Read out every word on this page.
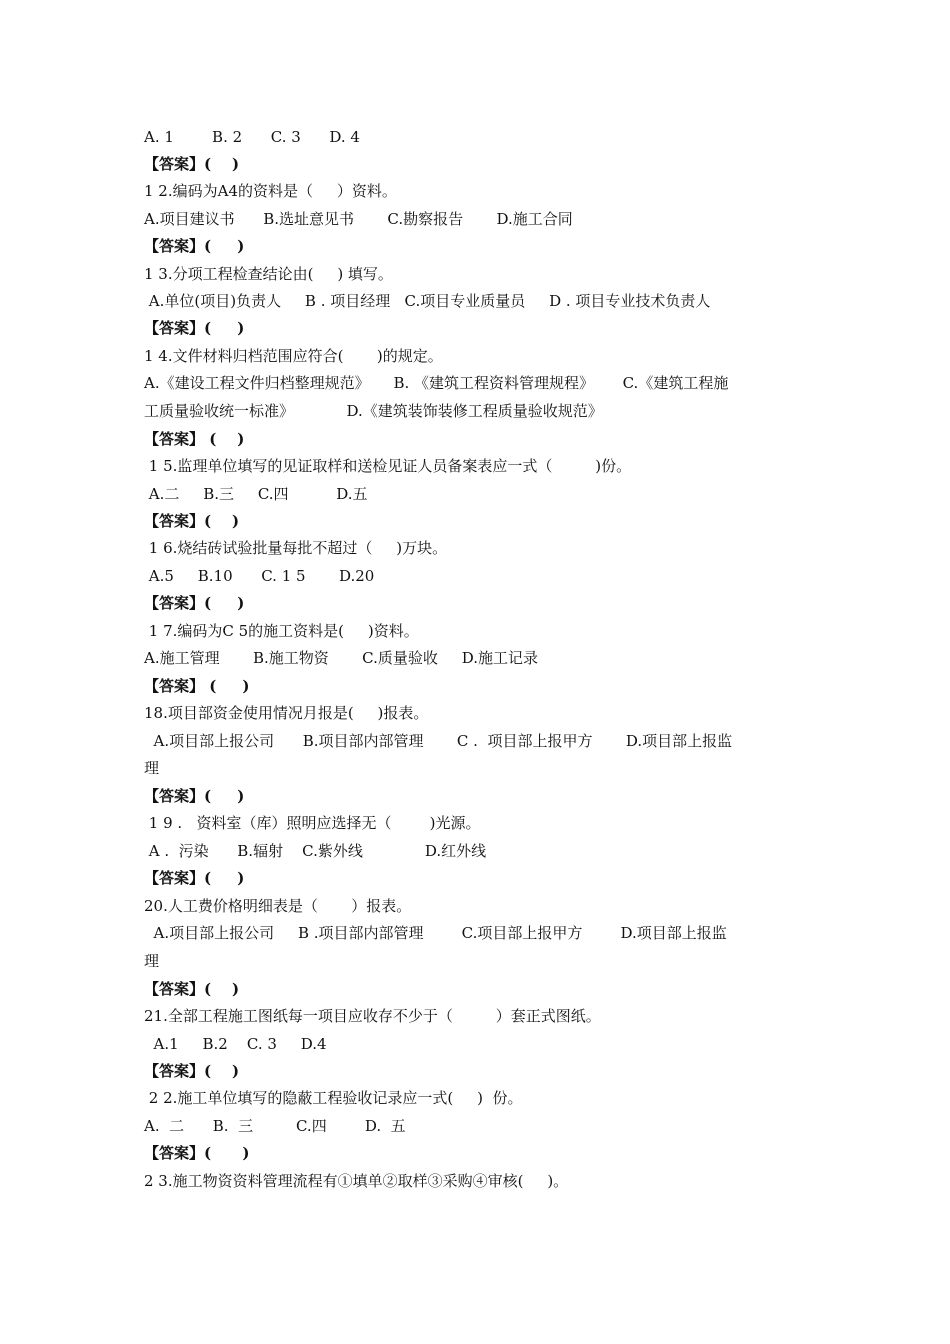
A. 1        B. 2      C. 3      D. 4
【答案】(    )
1 2.编码为A4的资料是（     ）资料。
A.项目建议书      B.选址意见书       C.勘察报告       D.施工合同
【答案】(     )
1 3.分项工程检查结论由(     ) 填写。
A.单位(项目)负责人     B . 项目经理   C.项目专业质量员     D . 项目专业技术负责人
【答案】(     )
1 4.文件材料归档范围应符合(       )的规定。
A.《建设工程文件归档整理规范》     B. 《建筑工程资料管理规程》      C.《建筑工程施
工质量验收统一标准》           D.《建筑装饰装修工程质量验收规范》
【答案】 (    )
1 5.监理单位填写的见证取样和送检见证人员备案表应一式（         )份。
A.二     B.三     C.四          D.五
【答案】(    )
1 6.烧结砖试验批量每批不超过（     )万块。
A.5     B.10      C. 1 5       D.20
【答案】(     )
1 7.编码为C 5的施工资料是(     )资料。
A.施工管理       B.施工物资       C.质量验收     D.施工记录
【答案】 (     )
18.项目部资金使用情况月报是(     )报表。
A.项目部上报公司      B.项目部内部管理       C .  项目部上报甲方       D.项目部上报监
理
【答案】(     )
1 9 .   资料室（库）照明应选择无（        )光源。
A .  污染      B.辐射    C.紫外线             D.红外线
【答案】(     )
20.人工费价格明细表是（       ）报表。
A.项目部上报公司     B .项目部内部管理        C.项目部上报甲方        D.项目部上报监
理
【答案】(    )
21.全部工程施工图纸每一项目应收存不少于（         ）套正式图纸。
A.1     B.2    C. 3     D.4
【答案】(    )
2 2.施工单位填写的隐蔽工程验收记录应一式(     )  份。
A.  二      B.  三         C.四        D.  五
【答案】(      )
2 3.施工物资资料管理流程有①填单②取样③采购④审核(     )。
